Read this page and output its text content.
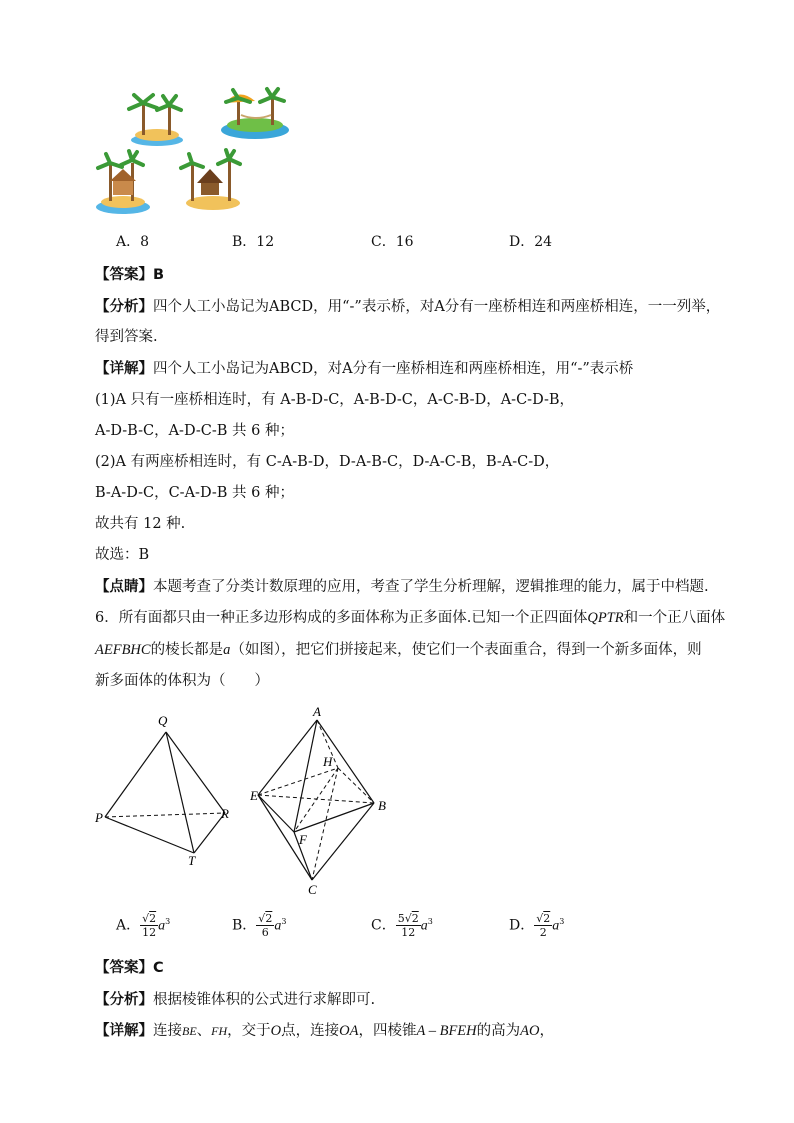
A．8	B．12	C．16	D．24
【答案】B
【分析】四个人工小岛记为ABCD，用“-”表示桥，对A分有一座桥相连和两座桥相连，一一列举，
得到答案.
【详解】四个人工小岛记为ABCD，对A分有一座桥相连和两座桥相连，用“-”表示桥
(1)A 只有一座桥相连时，有 A-B-D-C，A-B-D-C，A-C-B-D，A-C-D-B，
A-D-B-C，A-D-C-B 共 6 种；
(2)A 有两座桥相连时，有 C-A-B-D，D-A-B-C，D-A-C-B，B-A-C-D，
B-A-D-C，C-A-D-B 共 6 种；
故共有 12 种.
故选：B
【点睛】本题考查了分类计数原理的应用，考查了学生分析理解，逻辑推理的能力，属于中档题.
6．所有面都只由一种正多边形构成的多面体称为正多面体.已知一个正四面体QPTR和一个正八面体
AEFBHC的棱长都是a（如图），把它们拼接起来，使它们一个表面重合，得到一个新多面体，则
新多面体的体积为（　　）
Q
P	R
T
A
H
E
B
F
C
A． $\frac{√2}{12} a^3$	B． $\frac{√2}{6} a^3$	C． $\frac{5√2}{12} a^3$	D． $\frac{√2}{2} a^3$
【答案】C
【分析】根据棱锥体积的公式进行求解即可.
【详解】连接BE、FH，交于O点，连接OA，四棱锥A – BFEH的高为AO，
